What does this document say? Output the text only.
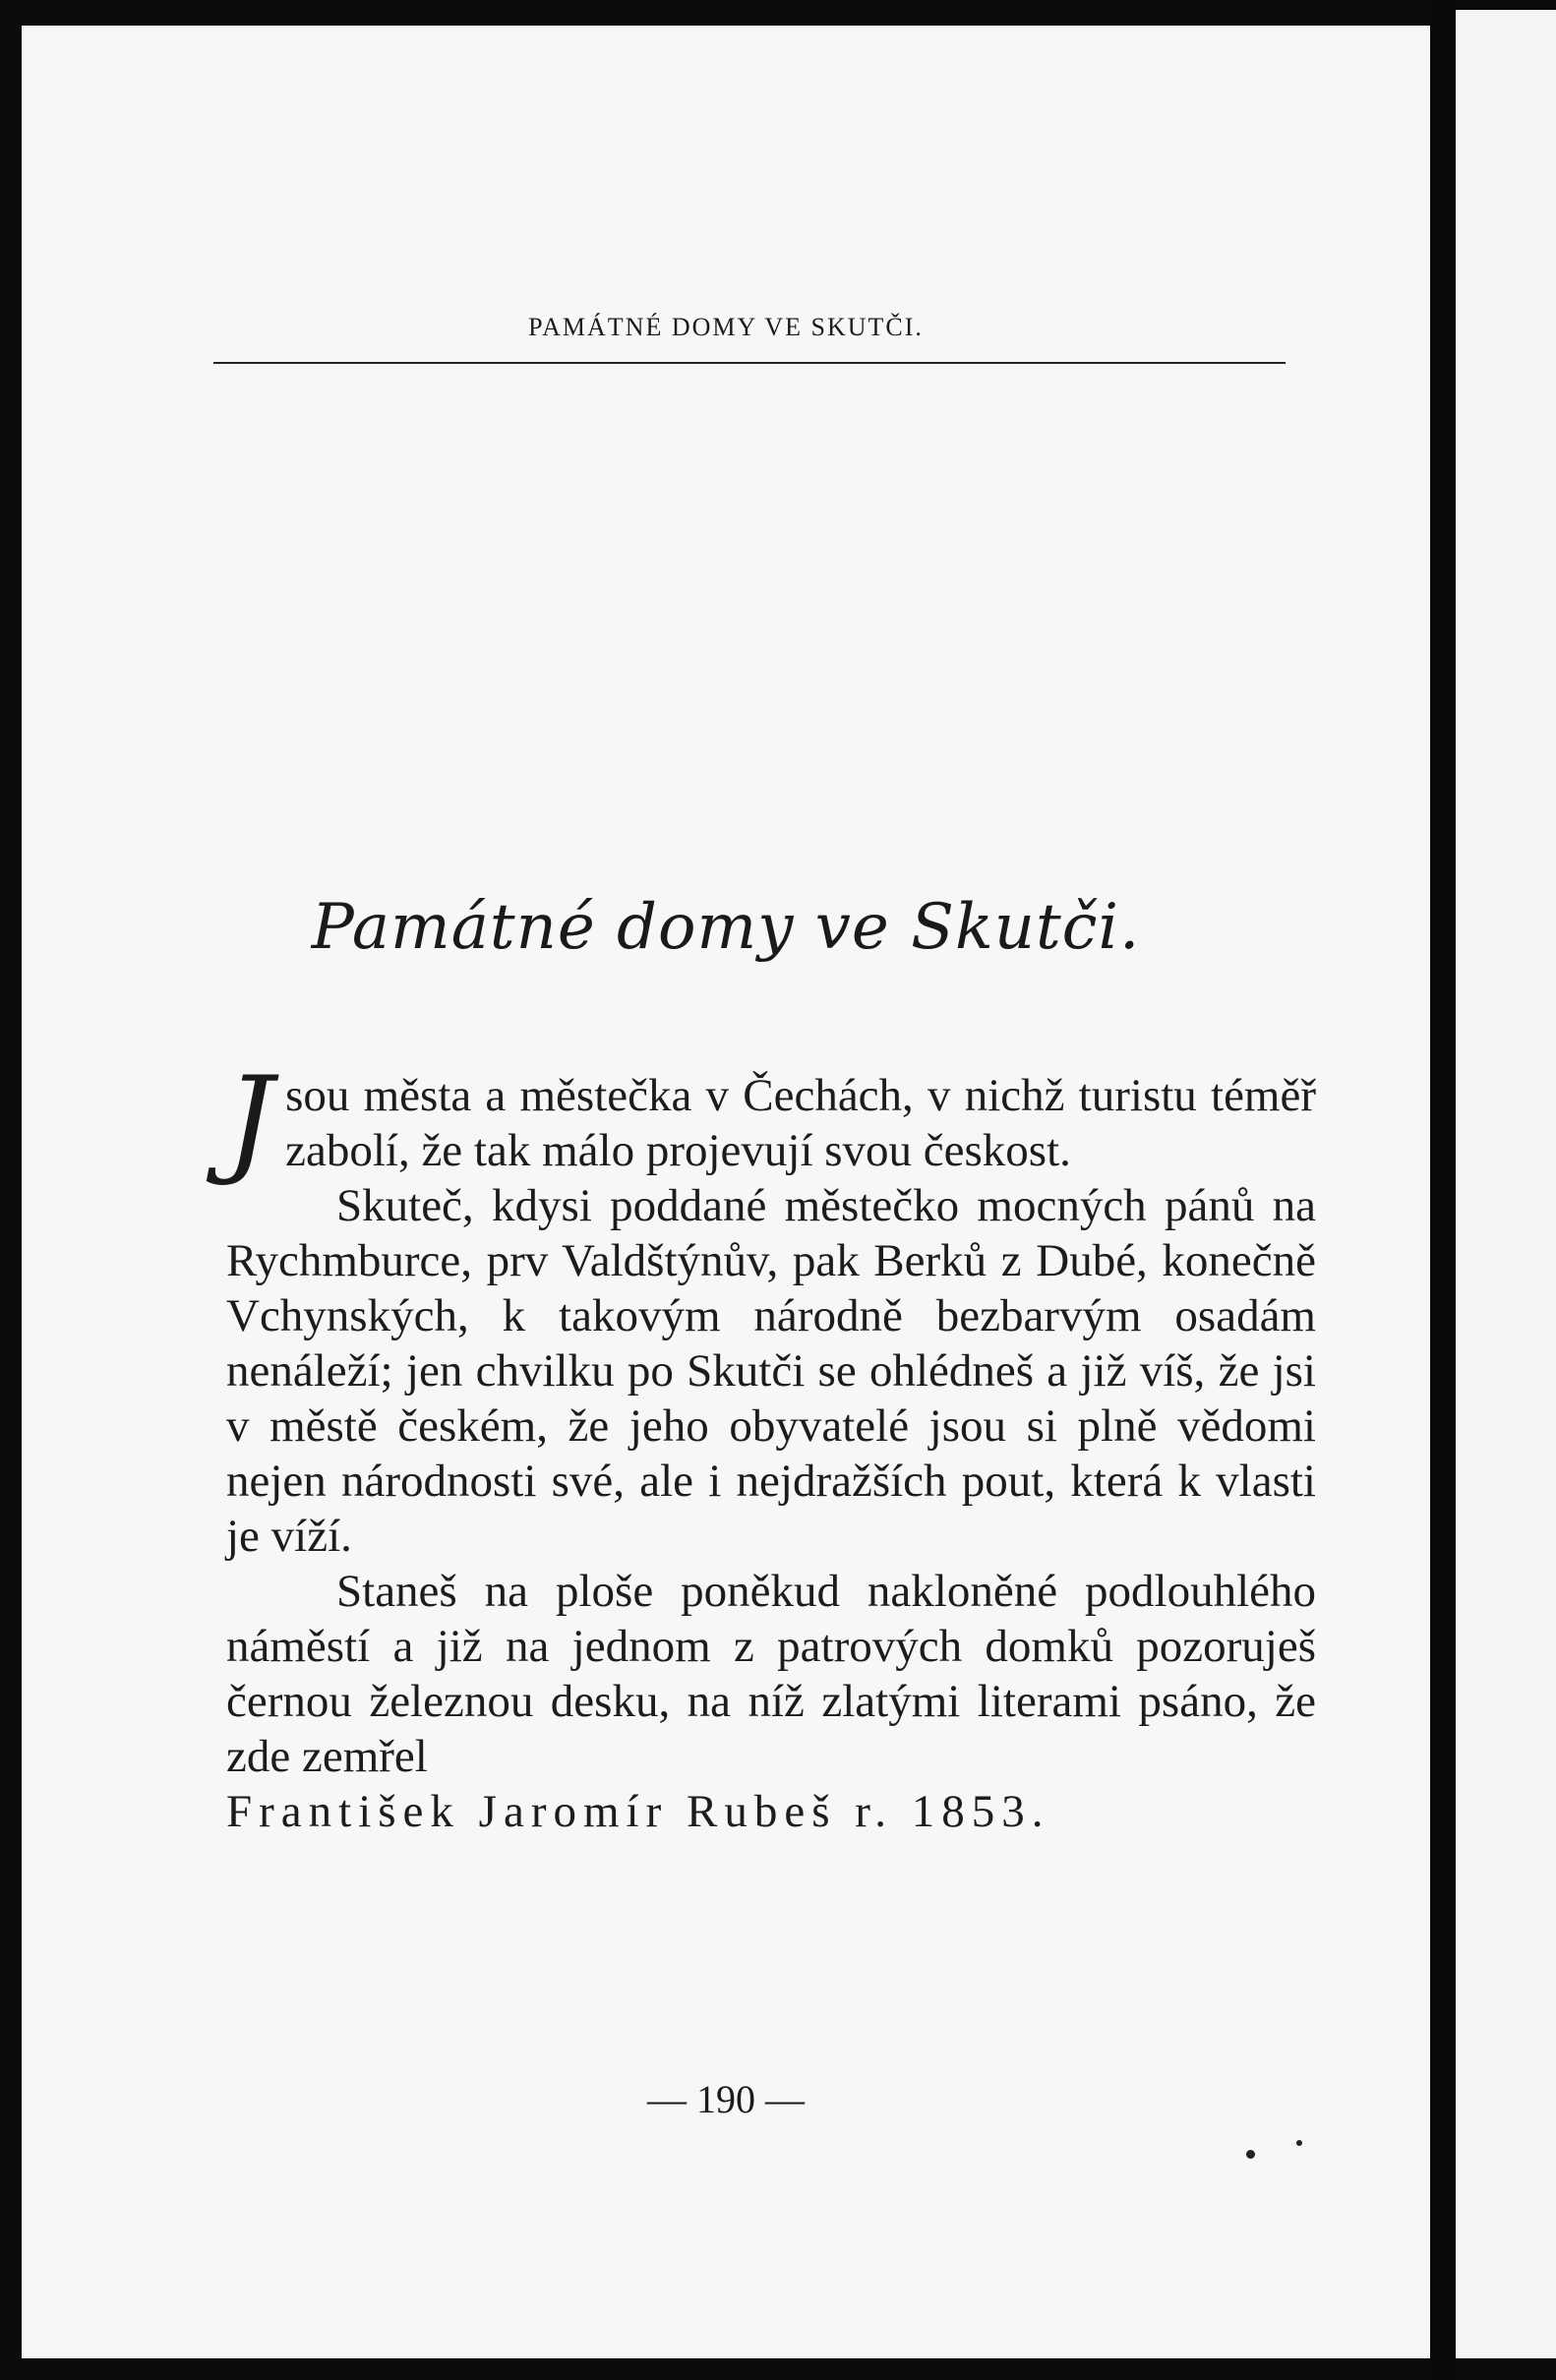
PAMÁTNÉ DOMY VE SKUTČI.
Památné domy ve Skutči.

Jsou města a městečka v Čechách, v nichž turistu téměř zabolí, že tak málo projevují svou českost.

Skuteč, kdysi poddané městečko mocných pánů na Rychmburce, prv Valdštýnův, pak Berků z Dubé, konečně Vchynských, k takovým národně bezbarvým osadám nenáleží; jen chvilku po Skutči se ohlédneš a již víš, že jsi v městě českém, že jeho obyvatelé jsou si plně vědomi nejen národnosti své, ale i nejdražších pout, která k vlasti je víží.

Staneš na ploše poněkud nakloněné podlouhlého náměstí a již na jednom z patrových domků pozoruješ černou železnou desku, na níž zlatými literami psáno, že zde zemřel
František Jaromír Rubeš r. 1853.

— 190 —
